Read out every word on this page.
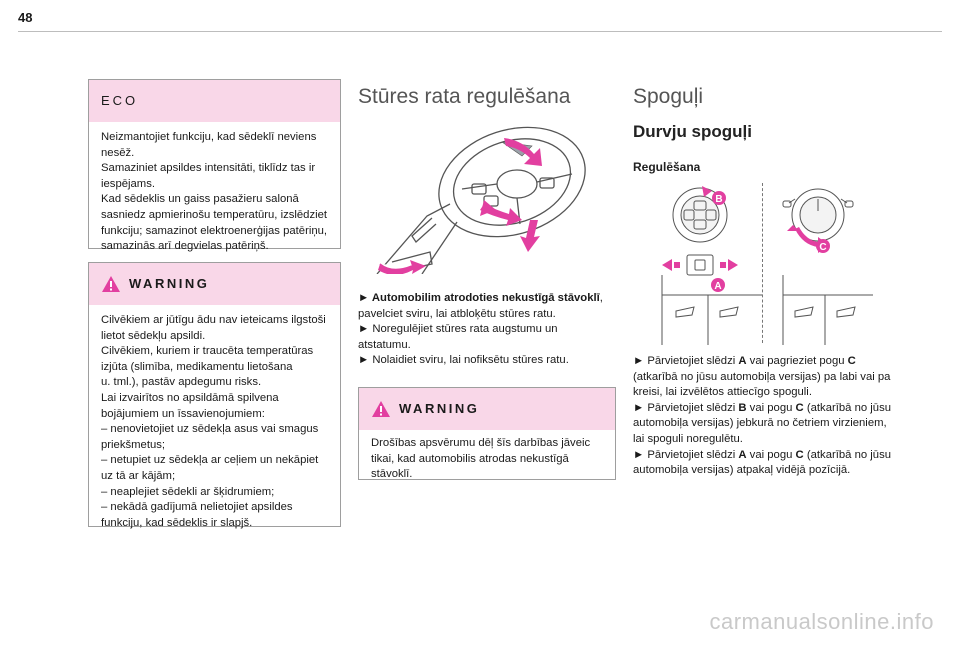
48
ECO

Neizmantojiet funkciju, kad sēdeklī neviens

nesēž.

Samaziniet apsildes intensitāti, tiklīdz tas ir

iespējams.

Kad sēdeklis un gaiss pasažieru salonā

sasniedz apmierinošu temperatūru, izslēdziet

funkciju; samazinot elektroenerģijas patēriņu,

samazinās arī degvielas patēriņš.

WARNING

Cilvēkiem ar jūtīgu ādu nav ieteicams ilgstoši

lietot sēdekļu apsildi.

Cilvēkiem, kuriem ir traucēta temperatūras

izjūta (slimība, medikamentu lietošana

u. tml.), pastāv apdegumu risks.

Lai izvairītos no apsildāmā spilvena

bojājumiem un īssavienojumiem:

– nenovietojiet uz sēdekļa asus vai smagus

priekšmetus;

– netupiet uz sēdekļa ar ceļiem un nekāpiet

uz tā ar kājām;

– neaplejiet sēdekli ar šķidrumiem;

– nekādā gadījumā nelietojiet apsildes

funkciju, kad sēdeklis ir slapjš.

Stūres rata regulēšana

► Automobilim atrodoties nekustīgā stāvoklī, pavelciet sviru, lai atbloķētu stūres ratu.

► Noregulējiet stūres rata augstumu un atstatumu.

► Nolaidiet sviru, lai nofiksētu stūres ratu.

WARNING

Drošības apsvērumu dēļ šīs darbības jāveic

tikai, kad automobilis atrodas nekustīgā

stāvoklī.

Spoguļi
Durvju spoguļi
Regulēšana
B
A
C

► Pārvietojiet slēdzi A vai pagrieziet pogu C (atkarībā no jūsu automobiļa versijas) pa labi vai pa kreisi, lai izvēlētos attiecīgo spoguli.

► Pārvietojiet slēdzi B vai pogu C (atkarībā no jūsu automobiļa versijas) jebkurā no četriem virzieniem, lai spoguli noregulētu.

► Pārvietojiet slēdzi A vai pogu C (atkarībā no jūsu automobiļa versijas) atpakaļ vidējā pozīcijā.

carmanualsonline.info
